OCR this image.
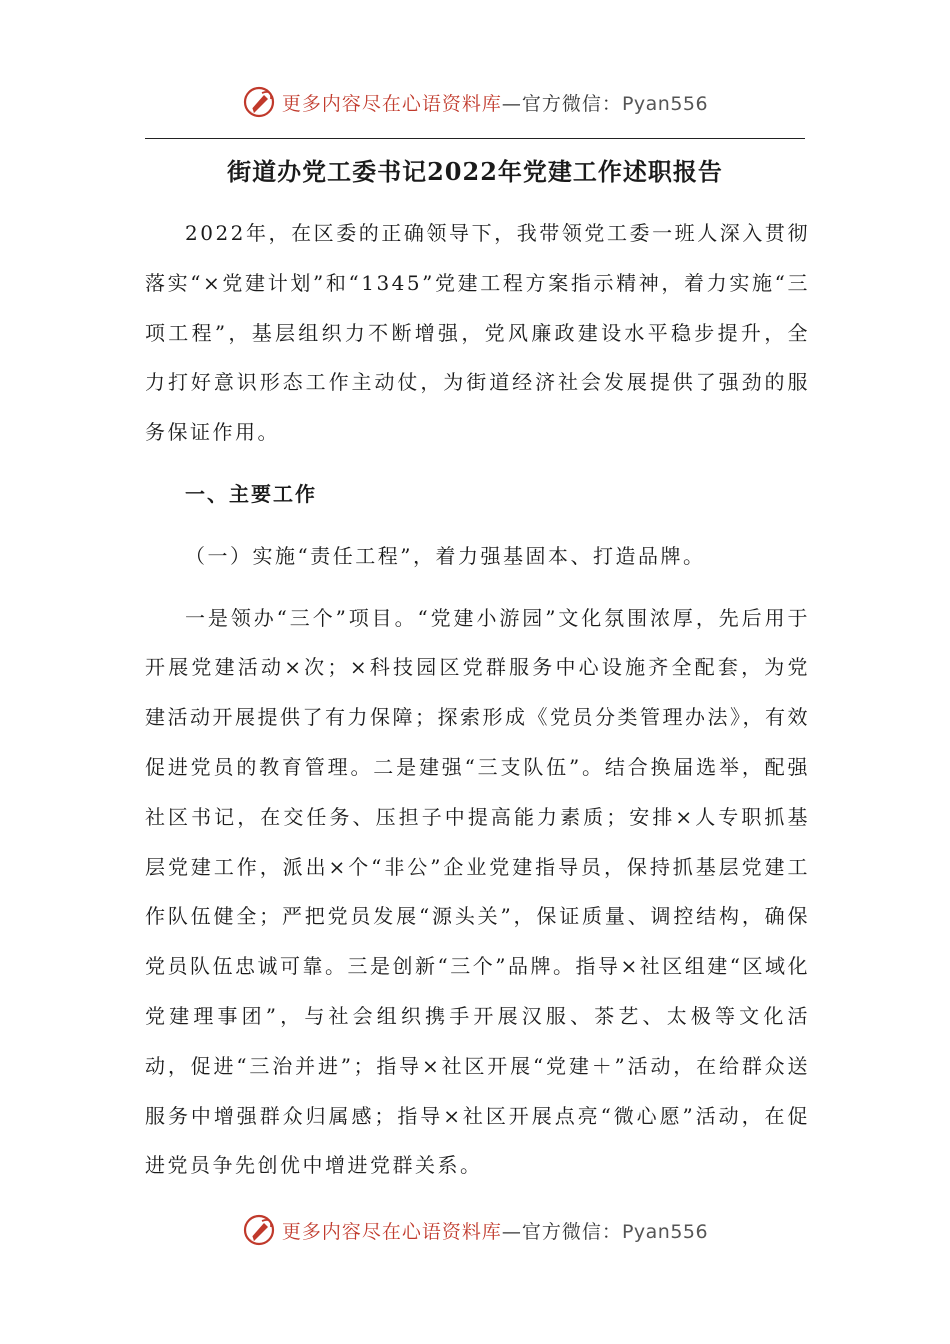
更多内容尽在心语资料库—官方微信：Pyan556
街道办党工委书记2022年党建工作述职报告

2022年，在区委的正确领导下，我带领党工委一班人深入贯彻落实“×党建计划”和“1345”党建工程方案指示精神，着力实施“三项工程”，基层组织力不断增强，党风廉政建设水平稳步提升，全力打好意识形态工作主动仗，为街道经济社会发展提供了强劲的服务保证作用。

一、主要工作

（一）实施“责任工程”，着力强基固本、打造品牌。

一是领办“三个”项目。“党建小游园”文化氛围浓厚，先后用于开展党建活动×次；×科技园区党群服务中心设施齐全配套，为党建活动开展提供了有力保障；探索形成《党员分类管理办法》，有效促进党员的教育管理。二是建强“三支队伍”。结合换届选举，配强社区书记，在交任务、压担子中提高能力素质；安排×人专职抓基层党建工作，派出×个“非公”企业党建指导员，保持抓基层党建工作队伍健全；严把党员发展“源头关”，保证质量、调控结构，确保党员队伍忠诚可靠。三是创新“三个”品牌。指导×社区组建“区域化党建理事团”，与社会组织携手开展汉服、茶艺、太极等文化活动，促进“三治并进”；指导×社区开展“党建＋”活动，在给群众送服务中增强群众归属感；指导×社区开展点亮“微心愿”活动，在促进党员争先创优中增进党群关系。

更多内容尽在心语资料库—官方微信：Pyan556
